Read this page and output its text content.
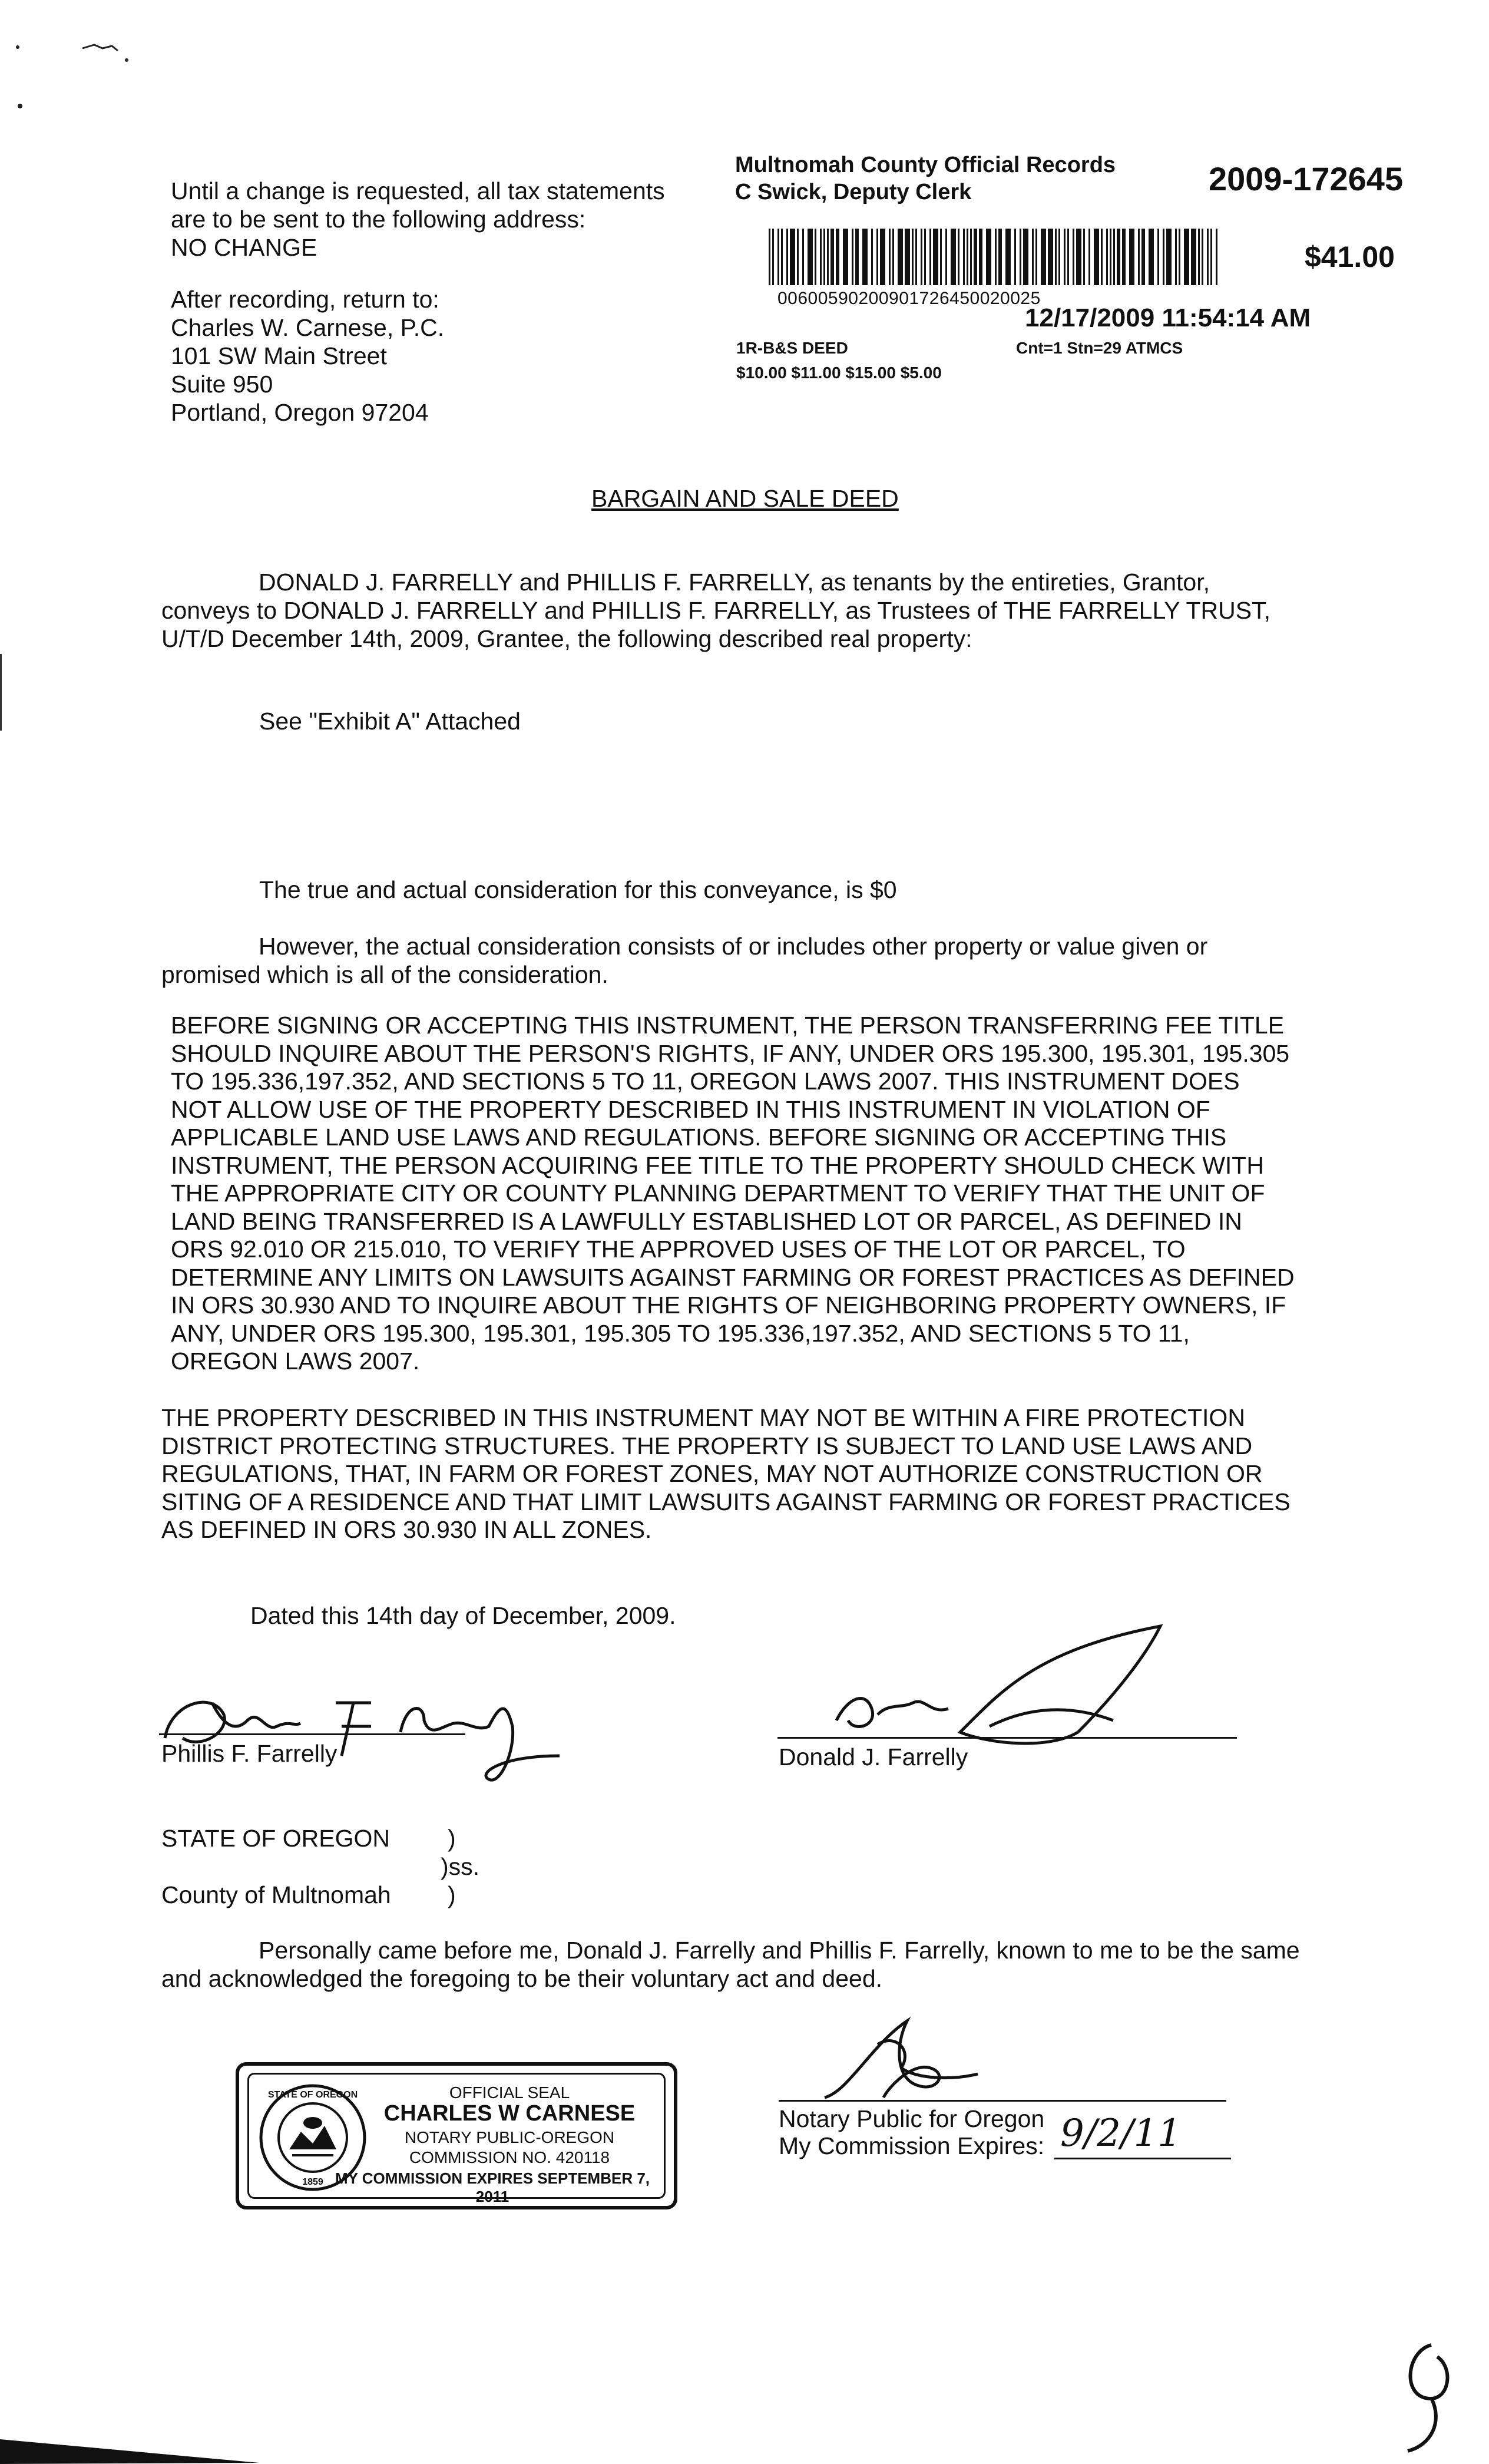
Until a change is requested, all tax statements
are to be sent to the following address:
NO CHANGE
After recording, return to:
Charles W. Carnese, P.C.
101 SW Main Street
Suite 950
Portland, Oregon 97204
Multnomah County Official Records
C Swick, Deputy Clerk	2009-172645
$41.00
00600590200901726450020025
12/17/2009 11:54:14 AM
1R-B&S DEED	Cnt=1 Stn=29 ATMCS
$10.00 $11.00 $15.00 $5.00
BARGAIN AND SALE DEED
DONALD J. FARRELLY and PHILLIS F. FARRELLY, as tenants by the entireties, Grantor,
conveys to DONALD J. FARRELLY and PHILLIS F. FARRELLY, as Trustees of THE FARRELLY TRUST,
U/T/D December 14th, 2009, Grantee, the following described real property:
See "Exhibit A" Attached
The true and actual consideration for this conveyance, is $0
However, the actual consideration consists of or includes other property or value given or
promised which is all of the consideration.
BEFORE SIGNING OR ACCEPTING THIS INSTRUMENT, THE PERSON TRANSFERRING FEE TITLE
SHOULD INQUIRE ABOUT THE PERSON'S RIGHTS, IF ANY, UNDER ORS 195.300, 195.301, 195.305
TO 195.336,197.352, AND SECTIONS 5 TO 11, OREGON LAWS 2007. THIS INSTRUMENT DOES
NOT ALLOW USE OF THE PROPERTY DESCRIBED IN THIS INSTRUMENT IN VIOLATION OF
APPLICABLE LAND USE LAWS AND REGULATIONS. BEFORE SIGNING OR ACCEPTING THIS
INSTRUMENT, THE PERSON ACQUIRING FEE TITLE TO THE PROPERTY SHOULD CHECK WITH
THE APPROPRIATE CITY OR COUNTY PLANNING DEPARTMENT TO VERIFY THAT THE UNIT OF
LAND BEING TRANSFERRED IS A LAWFULLY ESTABLISHED LOT OR PARCEL, AS DEFINED IN
ORS 92.010 OR 215.010, TO VERIFY THE APPROVED USES OF THE LOT OR PARCEL, TO
DETERMINE ANY LIMITS ON LAWSUITS AGAINST FARMING OR FOREST PRACTICES AS DEFINED
IN ORS 30.930 AND TO INQUIRE ABOUT THE RIGHTS OF NEIGHBORING PROPERTY OWNERS, IF
ANY, UNDER ORS 195.300, 195.301, 195.305 TO 195.336,197.352, AND SECTIONS 5 TO 11,
OREGON LAWS 2007.
THE PROPERTY DESCRIBED IN THIS INSTRUMENT MAY NOT BE WITHIN A FIRE PROTECTION
DISTRICT PROTECTING STRUCTURES. THE PROPERTY IS SUBJECT TO LAND USE LAWS AND
REGULATIONS, THAT, IN FARM OR FOREST ZONES, MAY NOT AUTHORIZE CONSTRUCTION OR
SITING OF A RESIDENCE AND THAT LIMIT LAWSUITS AGAINST FARMING OR FOREST PRACTICES
AS DEFINED IN ORS 30.930 IN ALL ZONES.
Dated this 14th day of December, 2009.
Phillis F. Farrelly	Donald J. Farrelly
STATE OF OREGON )
)ss.
County of Multnomah )
Personally came before me, Donald J. Farrelly and Phillis F. Farrelly, known to me to be the same
and acknowledged the foregoing to be their voluntary act and deed.
STATE OF OREGON
1859
OFFICIAL SEAL
CHARLES W CARNESE
NOTARY PUBLIC-OREGON
COMMISSION NO. 420118
MY COMMISSION EXPIRES SEPTEMBER 7, 2011
Notary Public for Oregon
My Commission Expires: 9/2/11
